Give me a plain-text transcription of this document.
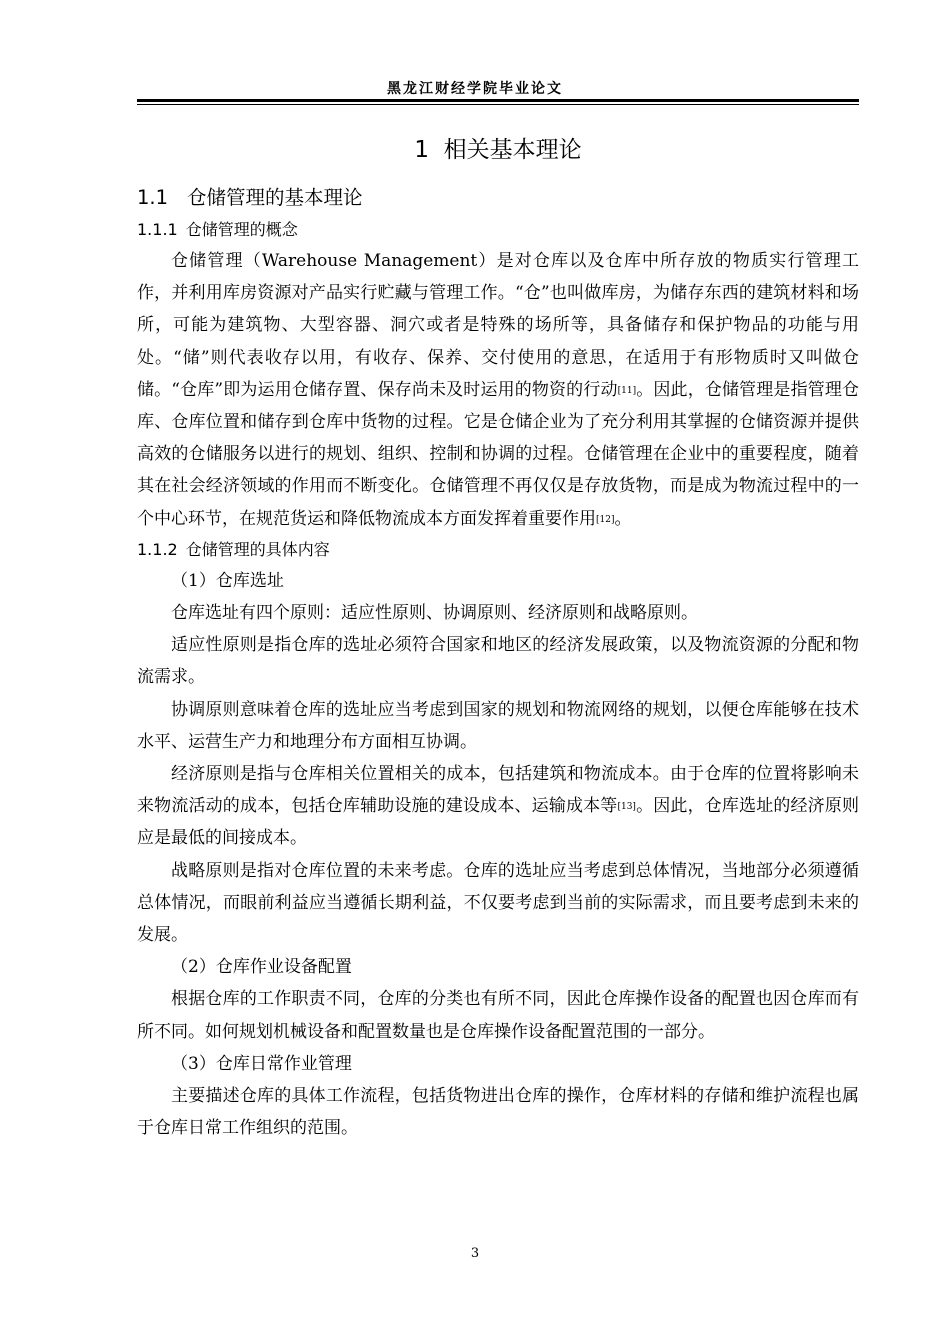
黑龙江财经学院毕业论文
1 相关基本理论
1.1 仓储管理的基本理论
1.1.1 仓储管理的概念

仓储管理（Warehouse Management）是对仓库以及仓库中所存放的物质实行管理工作，并利用库房资源对产品实行贮藏与管理工作。“仓”也叫做库房，为储存东西的建筑材料和场所，可能为建筑物、大型容器、洞穴或者是特殊的场所等，具备储存和保护物品的功能与用处。“储”则代表收存以用，有收存、保养、交付使用的意思，在适用于有形物质时又叫做仓储。“仓库”即为运用仓储存置、保存尚未及时运用的物资的行动[11]。因此，仓储管理是指管理仓库、仓库位置和储存到仓库中货物的过程。它是仓储企业为了充分利用其掌握的仓储资源并提供高效的仓储服务以进行的规划、组织、控制和协调的过程。仓储管理在企业中的重要程度，随着其在社会经济领域的作用而不断变化。仓储管理不再仅仅是存放货物，而是成为物流过程中的一个中心环节，在规范货运和降低物流成本方面发挥着重要作用[12]。

1.1.2 仓储管理的具体内容
（1）仓库选址

仓库选址有四个原则：适应性原则、协调原则、经济原则和战略原则。

适应性原则是指仓库的选址必须符合国家和地区的经济发展政策，以及物流资源的分配和物流需求。

协调原则意味着仓库的选址应当考虑到国家的规划和物流网络的规划，以便仓库能够在技术水平、运营生产力和地理分布方面相互协调。

经济原则是指与仓库相关位置相关的成本，包括建筑和物流成本。由于仓库的位置将影响未来物流活动的成本，包括仓库辅助设施的建设成本、运输成本等[13]。因此，仓库选址的经济原则应是最低的间接成本。

战略原则是指对仓库位置的未来考虑。仓库的选址应当考虑到总体情况，当地部分必须遵循总体情况，而眼前利益应当遵循长期利益，不仅要考虑到当前的实际需求，而且要考虑到未来的发展。

（2）仓库作业设备配置

根据仓库的工作职责不同，仓库的分类也有所不同，因此仓库操作设备的配置也因仓库而有所不同。如何规划机械设备和配置数量也是仓库操作设备配置范围的一部分。

（3）仓库日常作业管理

主要描述仓库的具体工作流程，包括货物进出仓库的操作，仓库材料的存储和维护流程也属于仓库日常工作组织的范围。

3
